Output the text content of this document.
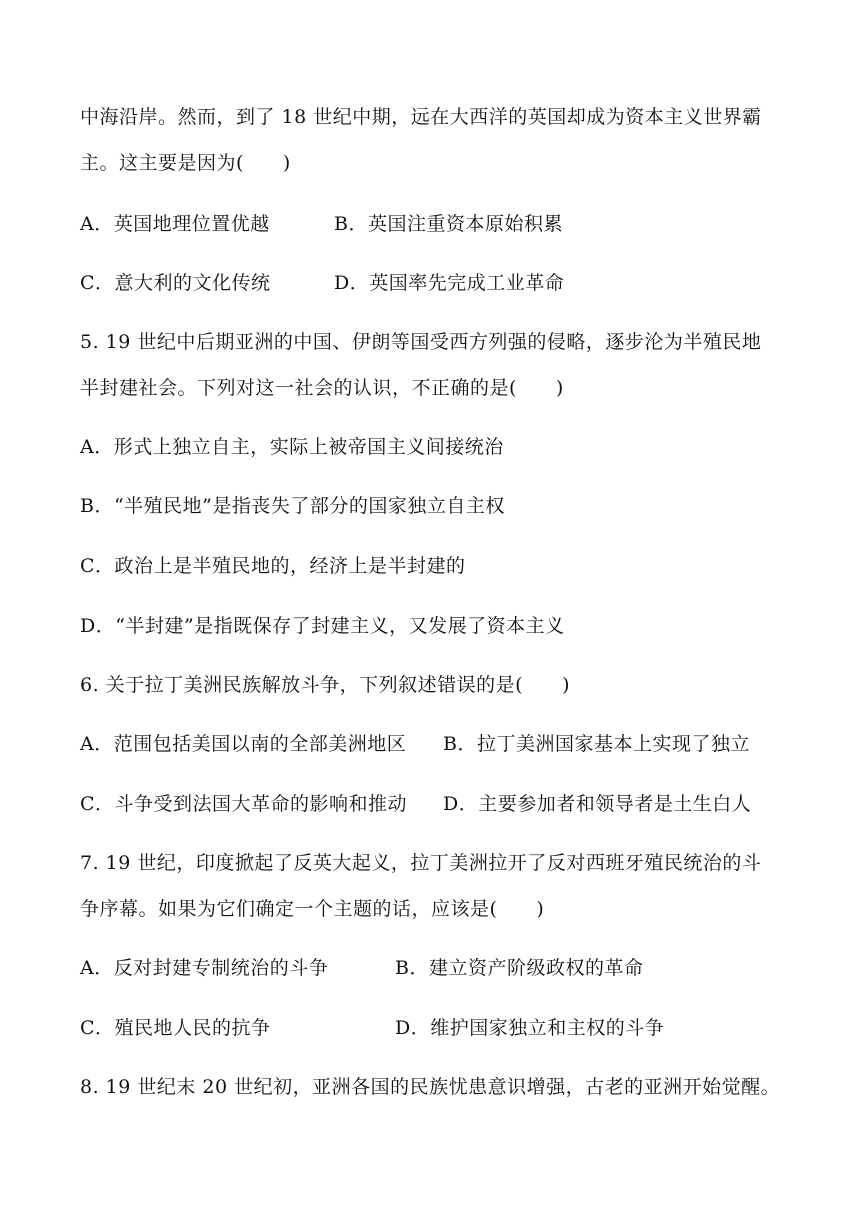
中海沿岸。然而，到了 18 世纪中期，远在大西洋的英国却成为资本主义世界霸
主。这主要是因为(　　)
A．英国地理位置优越	B．英国注重资本原始积累
C．意大利的文化传统	D．英国率先完成工业革命
5. 19 世纪中后期亚洲的中国、伊朗等国受西方列强的侵略，逐步沦为半殖民地
半封建社会。下列对这一社会的认识，不正确的是(　　)
A．形式上独立自主，实际上被帝国主义间接统治
B．“半殖民地”是指丧失了部分的国家独立自主权
C．政治上是半殖民地的，经济上是半封建的
D．“半封建”是指既保存了封建主义，又发展了资本主义
6. 关于拉丁美洲民族解放斗争，下列叙述错误的是(　　)
A．范围包括美国以南的全部美洲地区 B．拉丁美洲国家基本上实现了独立
C．斗争受到法国大革命的影响和推动 D．主要参加者和领导者是土生白人
7. 19 世纪，印度掀起了反英大起义，拉丁美洲拉开了反对西班牙殖民统治的斗
争序幕。如果为它们确定一个主题的话，应该是(　　)
A．反对封建专制统治的斗争	B．建立资产阶级政权的革命
C．殖民地人民的抗争	D．维护国家独立和主权的斗争
8. 19 世纪末 20 世纪初，亚洲各国的民族忧患意识增强，古老的亚洲开始觉醒。
